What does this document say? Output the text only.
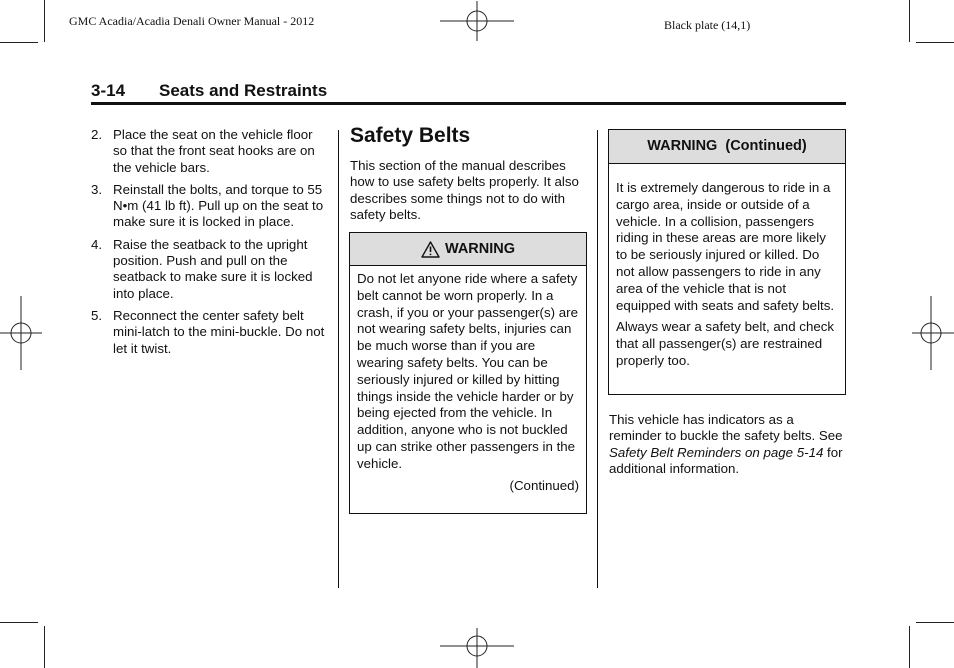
GMC Acadia/Acadia Denali Owner Manual - 2012	Black plate (14,1)
3-14 Seats and Restraints
2. Place the seat on the vehicle floor so that the front seat hooks are on the vehicle bars.
3. Reinstall the bolts, and torque to 55 N•m (41 lb ft). Pull up on the seat to make sure it is locked in place.
4. Raise the seatback to the upright position. Push and pull on the seatback to make sure it is locked into place.
5. Reconnect the center safety belt mini-latch to the mini-buckle. Do not let it twist.
Safety Belts
This section of the manual describes how to use safety belts properly. It also describes some things not to do with safety belts.
WARNING

Do not let anyone ride where a safety belt cannot be worn properly. In a crash, if you or your passenger(s) are not wearing safety belts, injuries can be much worse than if you are wearing safety belts. You can be seriously injured or killed by hitting things inside the vehicle harder or by being ejected from the vehicle. In addition, anyone who is not buckled up can strike other passengers in the vehicle.

(Continued)
WARNING  (Continued)

It is extremely dangerous to ride in a cargo area, inside or outside of a vehicle. In a collision, passengers riding in these areas are more likely to be seriously injured or killed. Do not allow passengers to ride in any area of the vehicle that is not equipped with seats and safety belts.

Always wear a safety belt, and check that all passenger(s) are restrained properly too.

This vehicle has indicators as a reminder to buckle the safety belts. See Safety Belt Reminders on page 5-14 for additional information.
